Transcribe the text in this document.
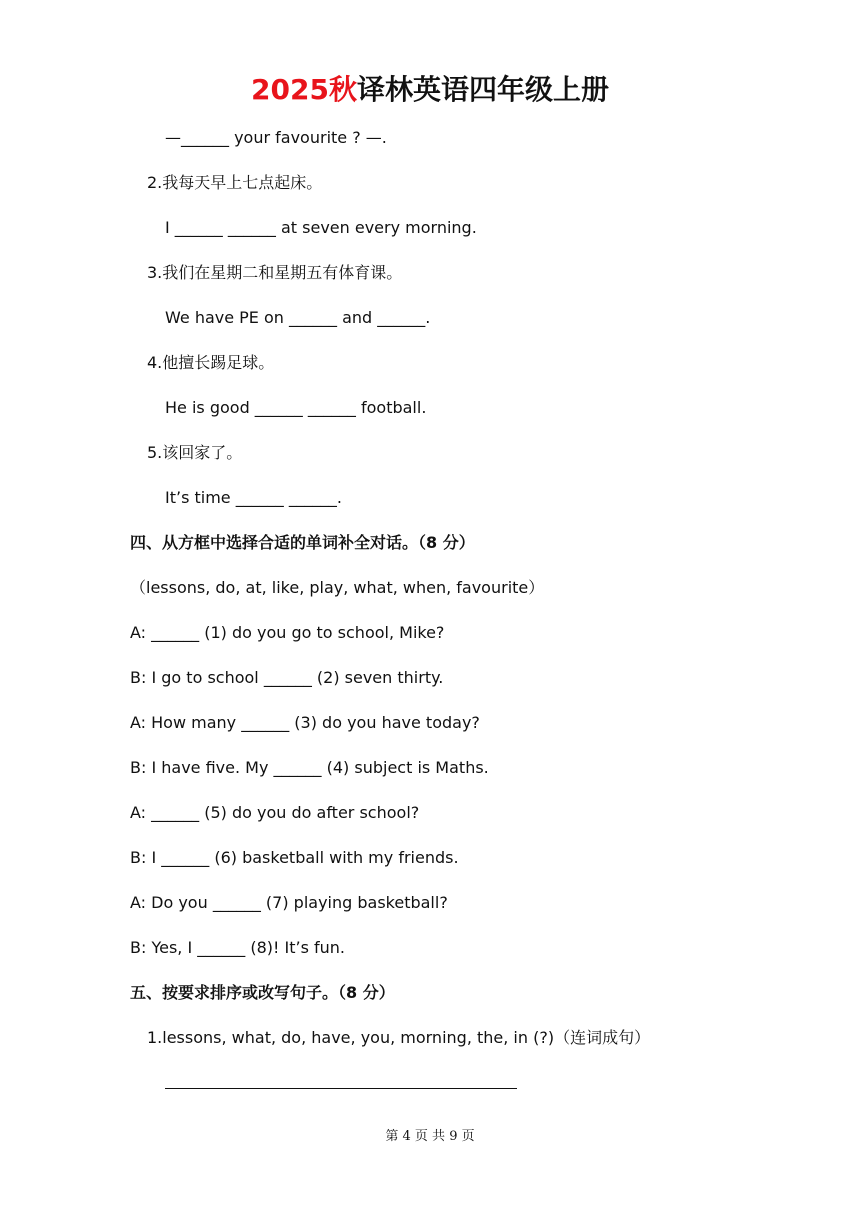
2025秋译林英语四年级上册
—______ your favourite ? —.
2.我每天早上七点起床。
I ______ ______ at seven every morning.
3.我们在星期二和星期五有体育课。
We have PE on ______ and ______.
4.他擅长踢足球。
He is good ______ ______ football.
5.该回家了。
It’s time ______ ______.
四、从方框中选择合适的单词补全对话。（8 分）
（lessons, do, at, like, play, what, when, favourite）
A: ______ (1) do you go to school, Mike?
B: I go to school ______ (2) seven thirty.
A: How many ______ (3) do you have today?
B: I have five. My ______ (4) subject is Maths.
A: ______ (5) do you do after school?
B: I ______ (6) basketball with my friends.
A: Do you ______ (7) playing basketball?
B: Yes, I ______ (8)! It’s fun.
五、按要求排序或改写句子。（8 分）
1.lessons, what, do, have, you, morning, the, in (?)（连词成句）
第 4 页 共 9 页
